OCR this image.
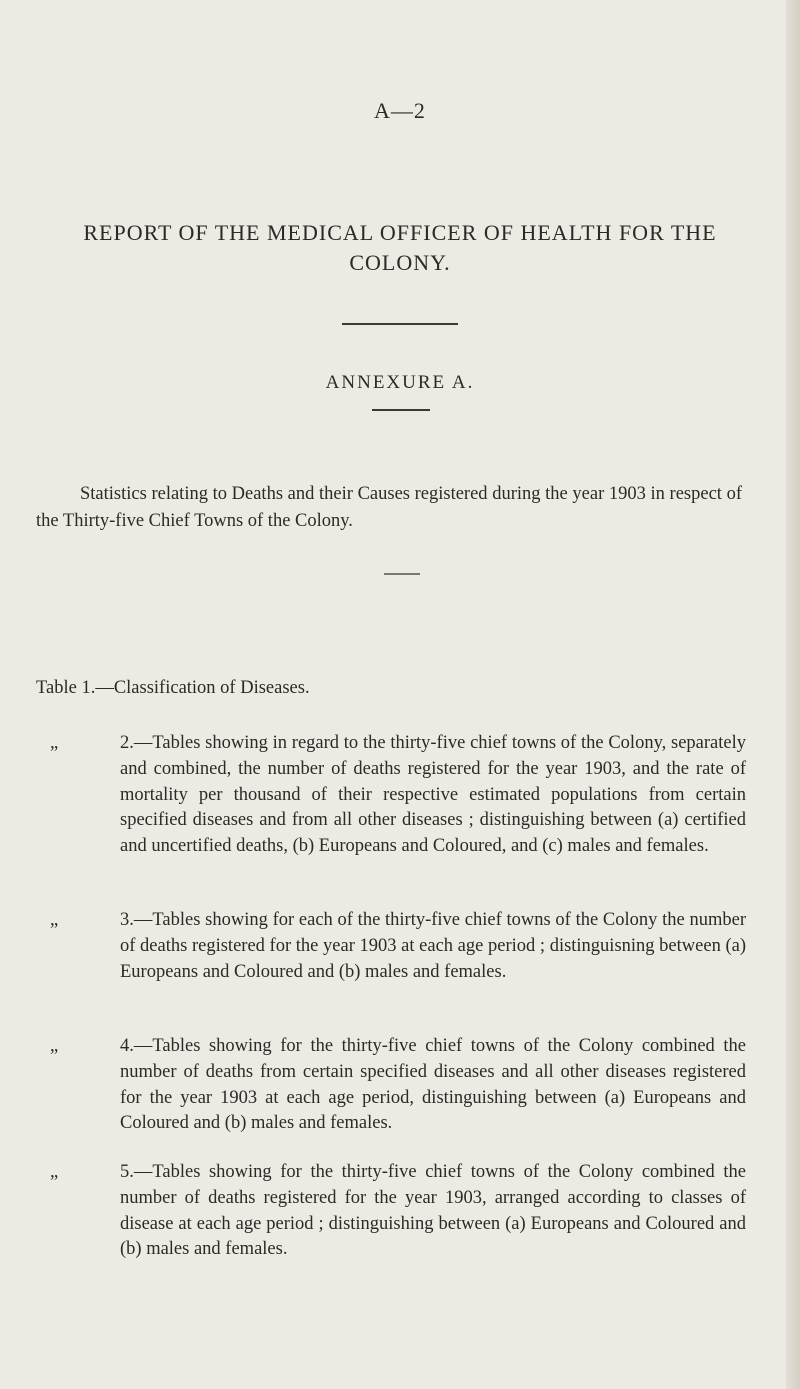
A—2
REPORT OF THE MEDICAL OFFICER OF HEALTH FOR THE COLONY.
ANNEXURE A.
Statistics relating to Deaths and their Causes registered during the year 1903 in respect of the Thirty-five Chief Towns of the Colony.
Table 1.—Classification of Diseases.
„	2.—Tables showing in regard to the thirty-five chief towns of the Colony, separately and combined, the number of deaths registered for the year 1903, and the rate of mortality per thousand of their respective estimated populations from certain specified diseases and from all other diseases ; distinguishing between (a) certified and uncertified deaths, (b) Europeans and Coloured, and (c) males and females.
„	3.—Tables showing for each of the thirty-five chief towns of the Colony the number of deaths registered for the year 1903 at each age period ; distinguisning between (a) Europeans and Coloured and (b) males and females.
„	4.—Tables showing for the thirty-five chief towns of the Colony combined the number of deaths from certain specified diseases and all other diseases registered for the year 1903 at each age period, distinguishing between (a) Europeans and Coloured and (b) males and females.
„	5.—Tables showing for the thirty-five chief towns of the Colony combined the number of deaths registered for the year 1903, arranged according to classes of disease at each age period ; distinguishing between (a) Europeans and Coloured and (b) males and females.
